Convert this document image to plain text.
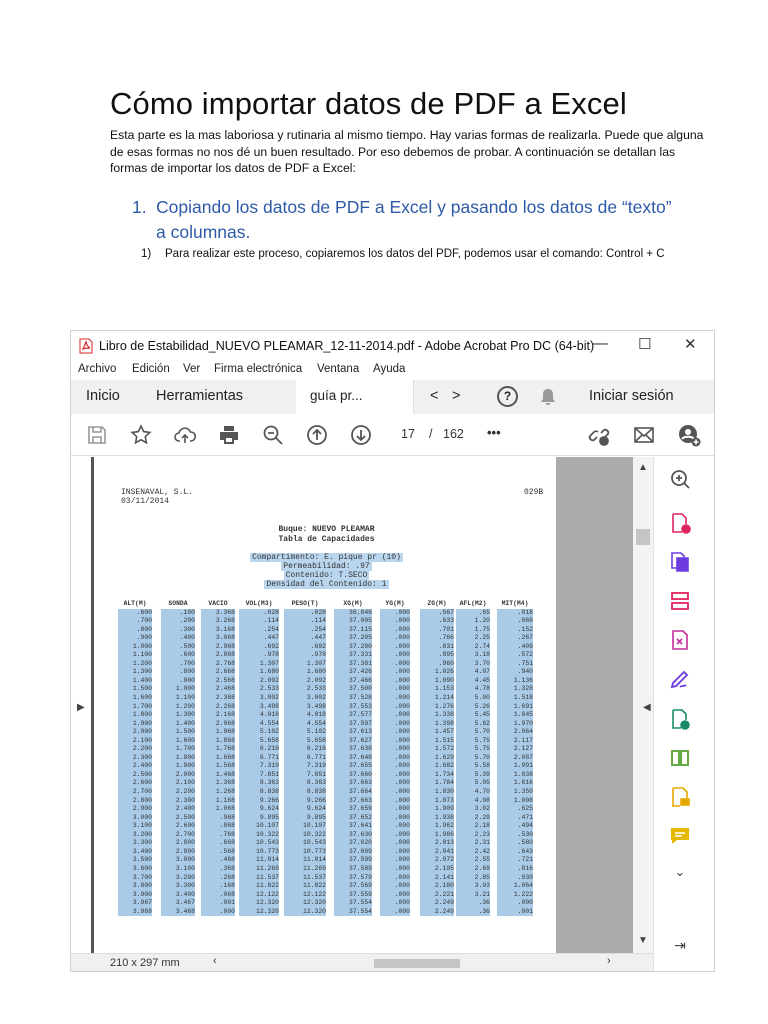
Cómo importar datos de PDF a Excel
Esta parte es la mas laboriosa y rutinaria al mismo tiempo. Hay varias formas de realizarla. Puede que alguna de esas formas no nos dé un buen resultado. Por eso debemos de probar. A continuación se detallan las formas de importar los datos de PDF a Excel:
1. Copiando los datos de PDF a Excel y pasando los datos de “texto” a columnas.
1) Para realizar este proceso, copiaremos los datos del PDF, podemos usar el comando: Control + C
Libro de Estabilidad_NUEVO PLEAMAR_12-11-2014.pdf - Adobe Acrobat Pro DC (64-bit)
— ☐ ✕
Archivo Edición Ver Firma electrónica Ventana Ayuda
Inicio Herramientas	guía pr...	< >	?	Iniciar sesión
17 / 162 •••
▶
INSENAVAL, S.L.
03/11/2014
029B
Buque: NUEVO PLEAMAR
Tabla de Capacidades
Compartimento: E. pique pr (10)
Permeabilidad: .97
Contenido: T.SECO
Densidad del Contenido: 1
ALT(M)
.600
.700
.800
.900
1.000
1.100
1.200
1.300
1.400
1.500
1.600
1.700
1.800
1.900
2.000
2.100
2.200
2.300
2.400
2.500
2.600
2.700
2.800
2.900
3.000
3.100
3.200
3.300
3.400
3.500
3.600
3.700
3.800
3.900
3.967
3.968
SONDA
.100
.200
.300
.400
.500
.600
.700
.800
.900
1.000
1.100
1.200
1.300
1.400
1.500
1.600
1.700
1.800
1.900
2.000
2.100
2.200
2.300
2.400
2.500
2.600
2.700
2.800
2.900
3.000
3.100
3.200
3.300
3.400
3.467
3.468
VACIO
3.368
3.268
3.168
3.068
2.968
2.868
2.768
2.668
2.568
2.468
2.368
2.268
2.168
2.068
1.968
1.868
1.768
1.668
1.568
1.468
1.368
1.268
1.168
1.068
.968
.868
.768
.668
.568
.468
.368
.268
.168
.068
.001
.000
VOL(M3)
.028
.114
.254
.447
.692
.978
1.307
1.680
2.092
2.533
3.002
3.498
4.018
4.554
5.102
5.658
6.216
6.771
7.319
7.851
8.363
8.838
9.266
9.624
9.895
10.107
10.322
10.543
10.773
11.014
11.269
11.537
11.822
12.122
12.320
12.320
PESO(T)
.028
.114
.254
.447
.692
.978
1.307
1.680
2.092
2.533
3.002
3.498
4.018
4.554
5.102
5.658
6.216
6.771
7.319
7.851
8.363
8.838
9.266
9.624
9.895
10.107
10.322
10.543
10.773
11.014
11.269
11.537
11.822
12.122
12.320
12.320
XG(M)
36.846
37.005
37.115
37.205
37.280
37.331
37.381
37.426
37.466
37.500
37.528
37.553
37.577
37.597
37.613
37.627
37.638
37.648
37.655
37.660
37.663
37.664
37.663
37.659
37.652
37.641
37.630
37.620
37.609
37.599
37.589
37.579
37.569
37.559
37.554
37.554
YG(M)
.000
.000
.000
.000
.000
.000
.000
.000
.000
.000
.000
.000
.000
.000
.000
.000
.000
.000
.000
.000
.000
.000
.000
.000
.000
.000
.000
.000
.000
.000
.000
.000
.000
.000
.000
.000
ZG(M)
.567
.633
.701
.766
.831
.895
.960
1.026
1.090
1.153
1.214
1.276
1.338
1.398
1.457
1.515
1.572
1.629
1.682
1.734
1.784
1.830
1.873
1.909
1.938
1.962
1.986
2.013
2.041
2.072
2.105
2.141
2.180
2.221
2.249
2.249
AFL(M2)
.65
1.20
1.75
2.25
2.74
3.18
3.70
4.07
4.45
4.78
5.00
5.26
5.45
5.62
5.70
5.75
5.75
5.70
5.58
5.39
5.05
4.70
4.08
3.02
2.29
2.18
2.23
2.31
2.42
2.55
2.69
2.85
3.03
3.21
.36
.36
MIT(M4)
.018
.068
.152
.267
.409
.572
.751
.940
1.136
1.328
1.518
1.691
1.845
1.970
2.064
2.117
2.127
2.087
1.991
1.838
1.616
1.350
1.008
.625
.471
.494
.530
.580
.643
.721
.816
.930
1.064
1.222
.000
.001
▲
▼
◀
⌄
⇥
210 x 297 mm	‹	›
